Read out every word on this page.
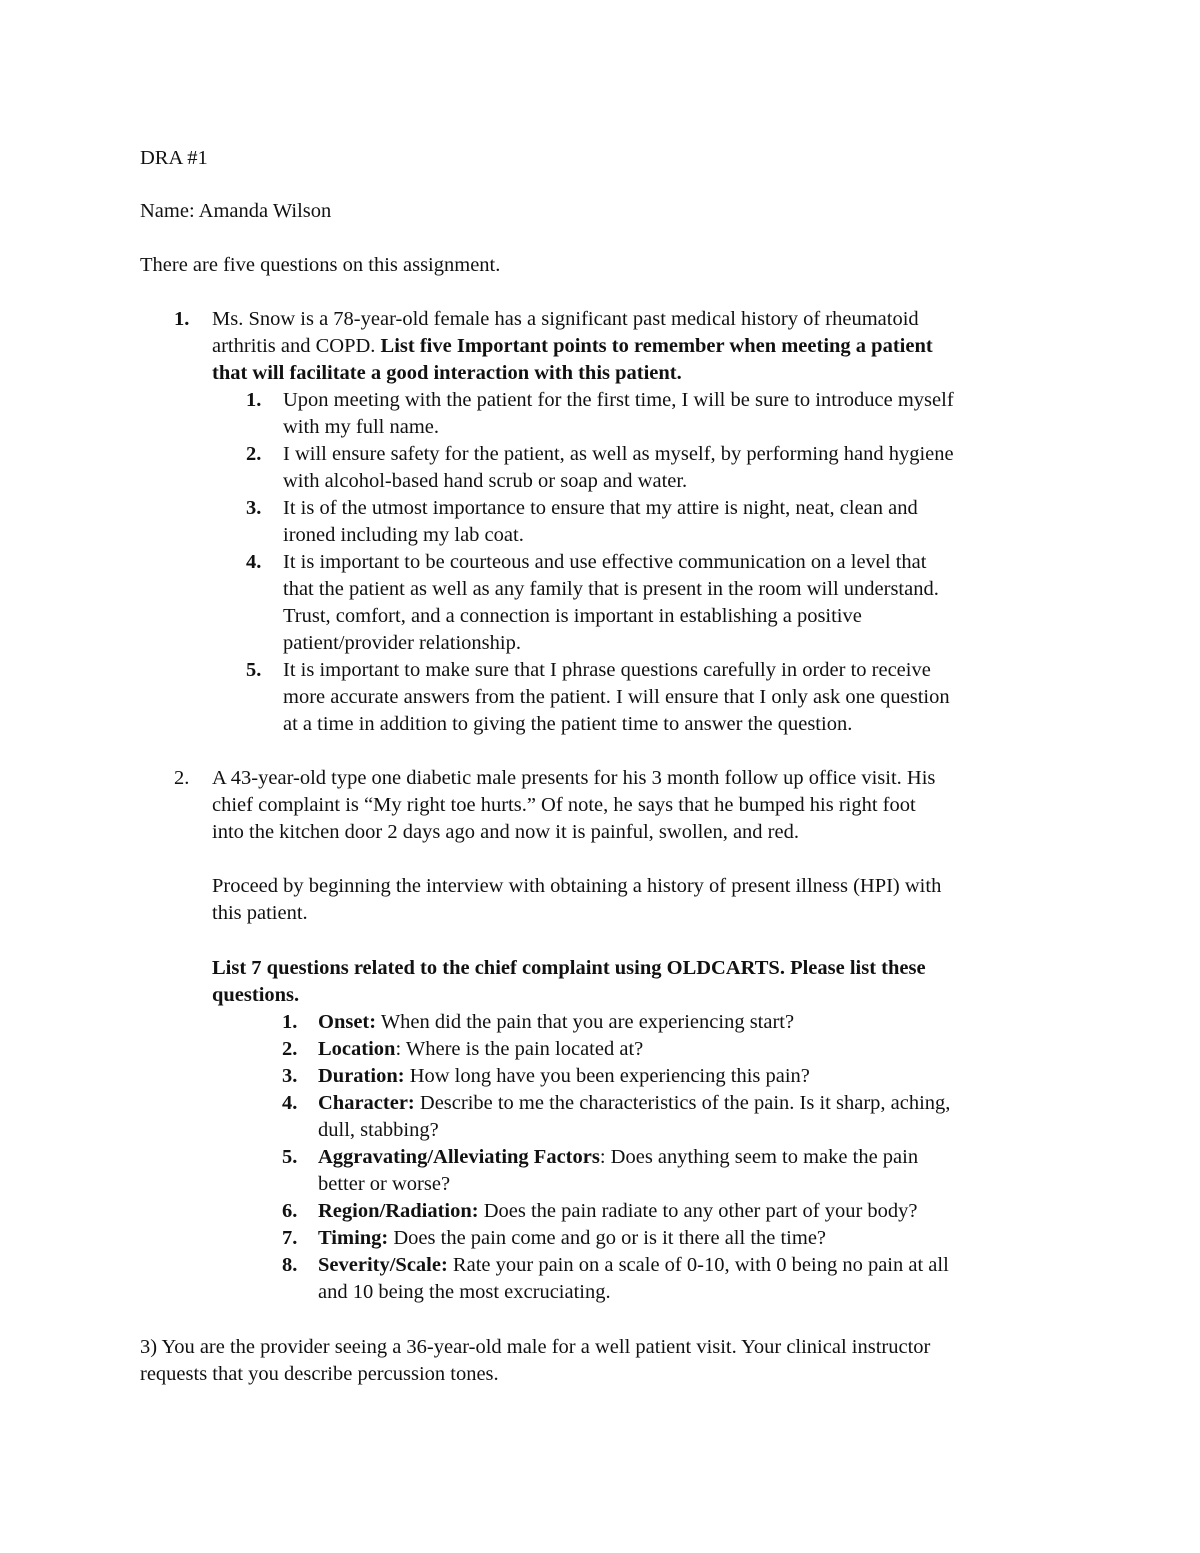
DRA #1
Name: Amanda Wilson
There are five questions on this assignment.
1. Ms. Snow is a 78-year-old female has a significant past medical history of rheumatoid
arthritis and COPD. List five Important points to remember when meeting a patient
that will facilitate a good interaction with this patient.
1. Upon meeting with the patient for the first time, I will be sure to introduce myself
with my full name.
2. I will ensure safety for the patient, as well as myself, by performing hand hygiene
with alcohol-based hand scrub or soap and water.
3. It is of the utmost importance to ensure that my attire is night, neat, clean and
ironed including my lab coat.
4. It is important to be courteous and use effective communication on a level that
that the patient as well as any family that is present in the room will understand.
Trust, comfort, and a connection is important in establishing a positive
patient/provider relationship.
5. It is important to make sure that I phrase questions carefully in order to receive
more accurate answers from the patient. I will ensure that I only ask one question
at a time in addition to giving the patient time to answer the question.
2. A 43-year-old type one diabetic male presents for his 3 month follow up office visit. His
chief complaint is “My right toe hurts.” Of note, he says that he bumped his right foot
into the kitchen door 2 days ago and now it is painful, swollen, and red.
Proceed by beginning the interview with obtaining a history of present illness (HPI) with
this patient.
List 7 questions related to the chief complaint using OLDCARTS. Please list these
questions.
1. Onset: When did the pain that you are experiencing start?
2. Location: Where is the pain located at?
3. Duration: How long have you been experiencing this pain?
4. Character: Describe to me the characteristics of the pain. Is it sharp, aching,
dull, stabbing?
5. Aggravating/Alleviating Factors: Does anything seem to make the pain
better or worse?
6. Region/Radiation: Does the pain radiate to any other part of your body?
7. Timing: Does the pain come and go or is it there all the time?
8. Severity/Scale: Rate your pain on a scale of 0-10, with 0 being no pain at all
and 10 being the most excruciating.
3) You are the provider seeing a 36-year-old male for a well patient visit. Your clinical instructor
requests that you describe percussion tones.
